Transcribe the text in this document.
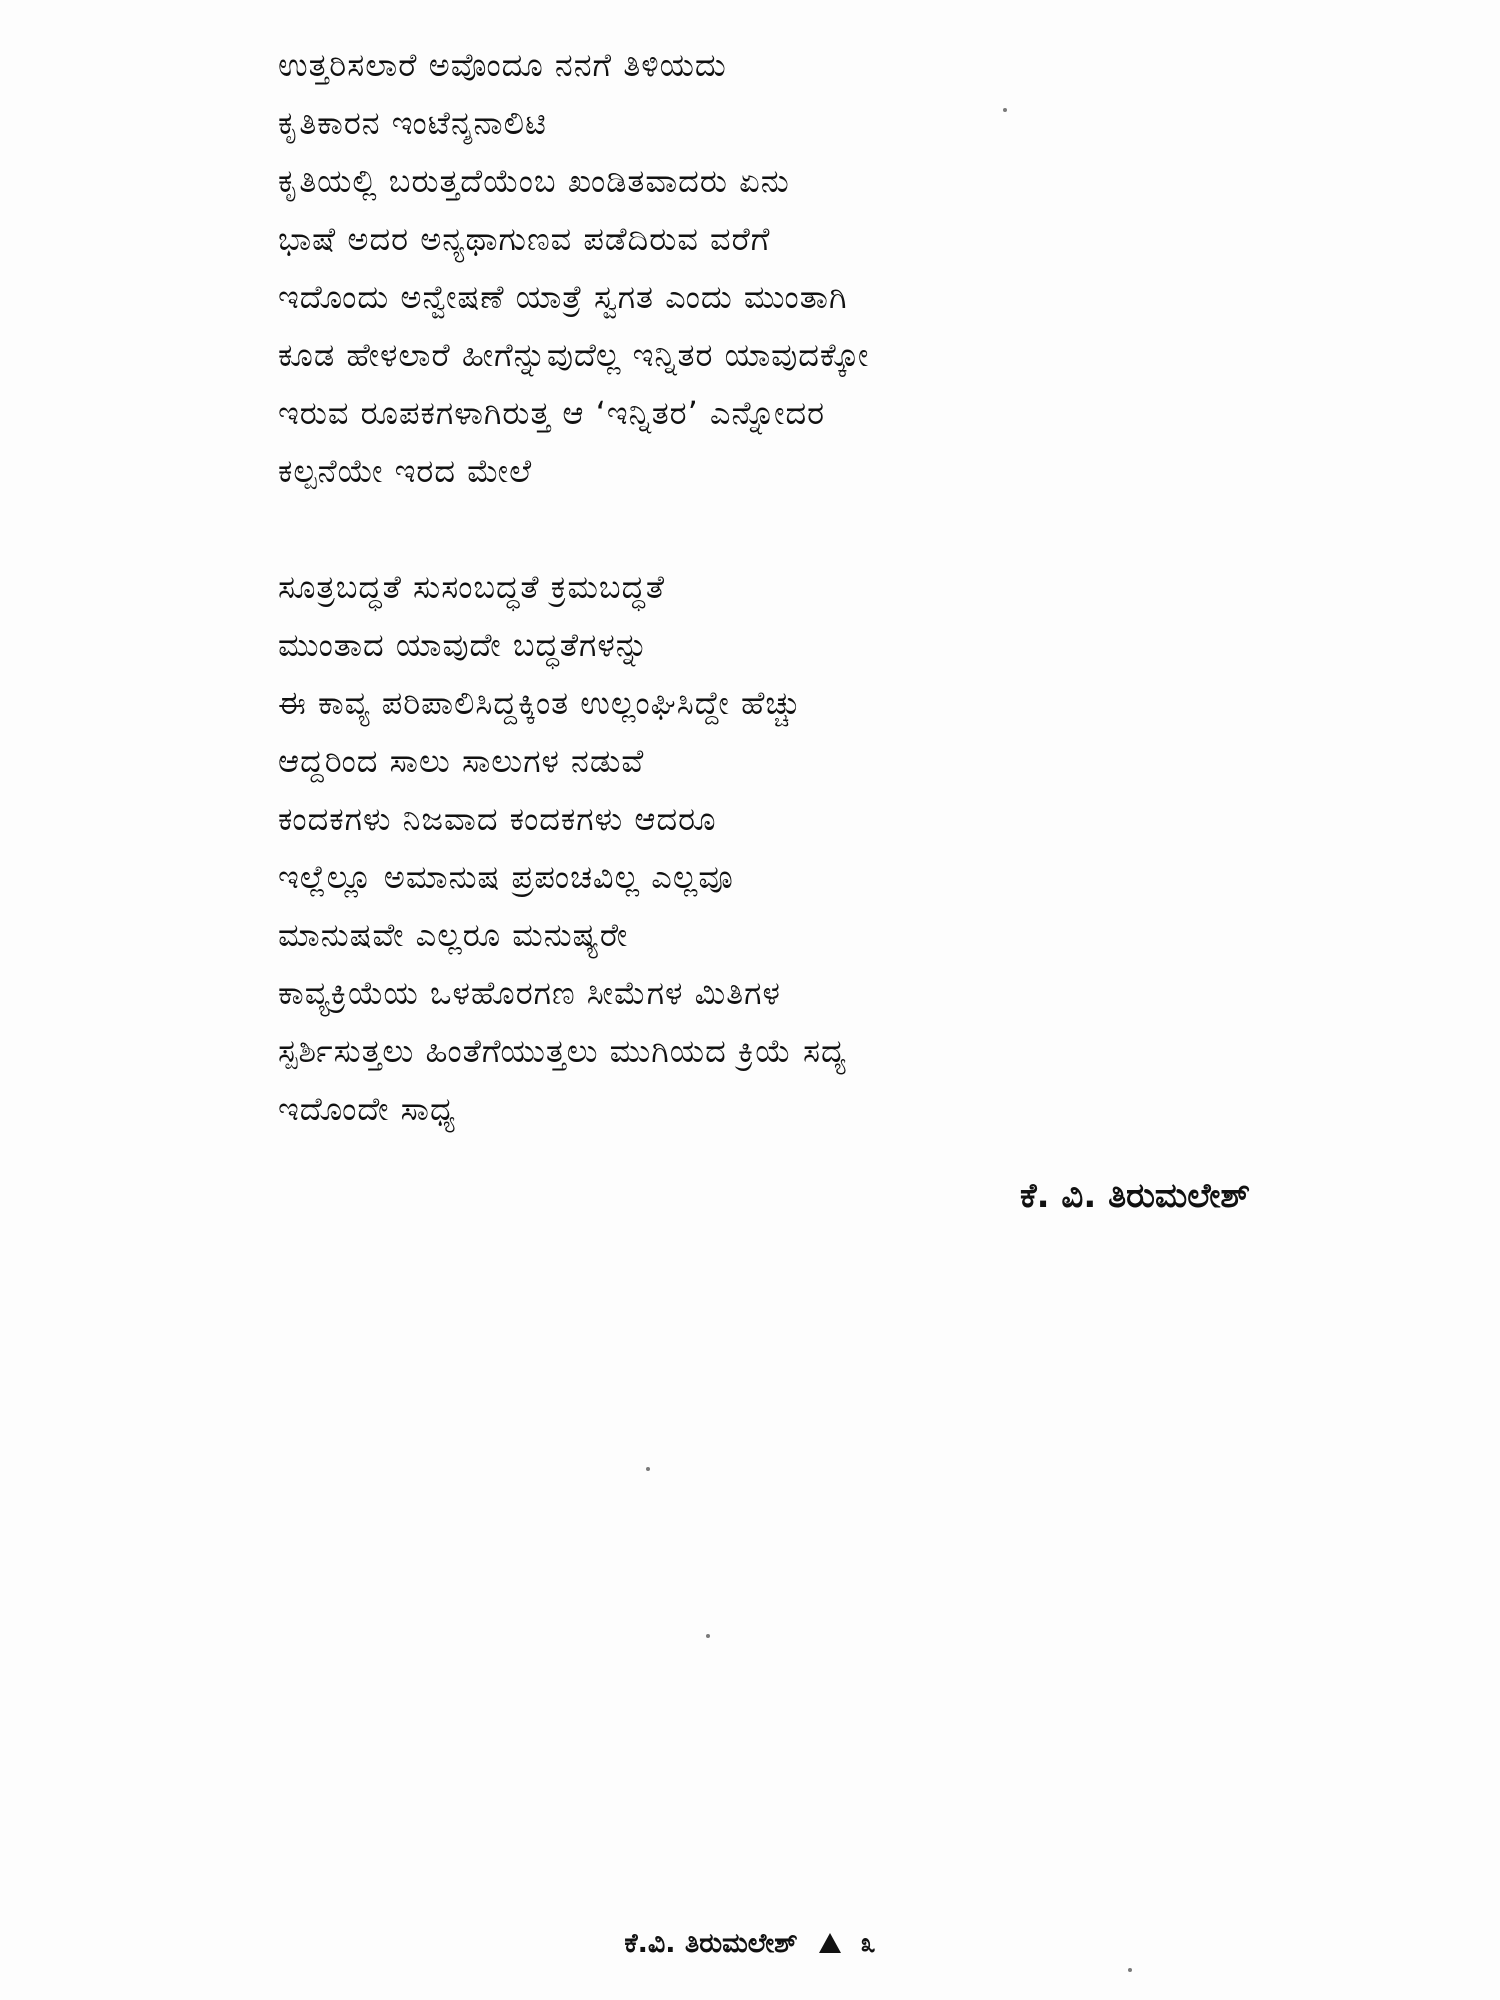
ಉತ್ತರಿಸಲಾರೆ ಅವೊಂದೂ ನನಗೆ ತಿಳಿಯದು
ಕೃತಿಕಾರನ ಇಂಟೆನ್ಶನಾಲಿಟಿ
ಕೃತಿಯಲ್ಲಿ ಬರುತ್ತದೆಯೆಂಬ ಖಂಡಿತವಾದರು ಏನು
ಭಾಷೆ ಅದರ ಅನ್ಯಥಾಗುಣವ ಪಡೆದಿರುವ ವರೆಗೆ
ಇದೊಂದು ಅನ್ವೇಷಣೆ ಯಾತ್ರೆ ಸ್ವಗತ ಎಂದು ಮುಂತಾಗಿ
ಕೂಡ ಹೇಳಲಾರೆ ಹೀಗೆನ್ನುವುದೆಲ್ಲ ಇನ್ನಿತರ ಯಾವುದಕ್ಕೋ
ಇರುವ ರೂಪಕಗಳಾಗಿರುತ್ತ ಆ ‘ಇನ್ನಿತರ’ ಎನ್ನೋದರ
ಕಲ್ಪನೆಯೇ ಇರದ ಮೇಲೆ
ಸೂತ್ರಬದ್ಧತೆ ಸುಸಂಬದ್ಧತೆ ಕ್ರಮಬದ್ಧತೆ
ಮುಂತಾದ ಯಾವುದೇ ಬದ್ಧತೆಗಳನ್ನು
ಈ ಕಾವ್ಯ ಪರಿಪಾಲಿಸಿದ್ದಕ್ಕಿಂತ ಉಲ್ಲಂಘಿಸಿದ್ದೇ ಹೆಚ್ಚು
ಆದ್ದರಿಂದ ಸಾಲು ಸಾಲುಗಳ ನಡುವೆ
ಕಂದಕಗಳು ನಿಜವಾದ ಕಂದಕಗಳು ಆದರೂ
ಇಲ್ಲೆಲ್ಲೂ ಅಮಾನುಷ ಪ್ರಪಂಚವಿಲ್ಲ ಎಲ್ಲವೂ
ಮಾನುಷವೇ ಎಲ್ಲರೂ ಮನುಷ್ಯರೇ
ಕಾವ್ಯಕ್ರಿಯೆಯ ಒಳಹೊರಗಣ ಸೀಮೆಗಳ ಮಿತಿಗಳ
ಸ್ಪರ್ಶಿಸುತ್ತಲು ಹಿಂತೆಗೆಯುತ್ತಲು ಮುಗಿಯದ ಕ್ರಿಯೆ ಸದ್ಯ
ಇದೊಂದೇ ಸಾಧ್ಯ
ಕೆ. ವಿ. ತಿರುಮಲೇಶ್
ಕೆ.ವಿ. ತಿರುಮಲೇಶ್ ೩
